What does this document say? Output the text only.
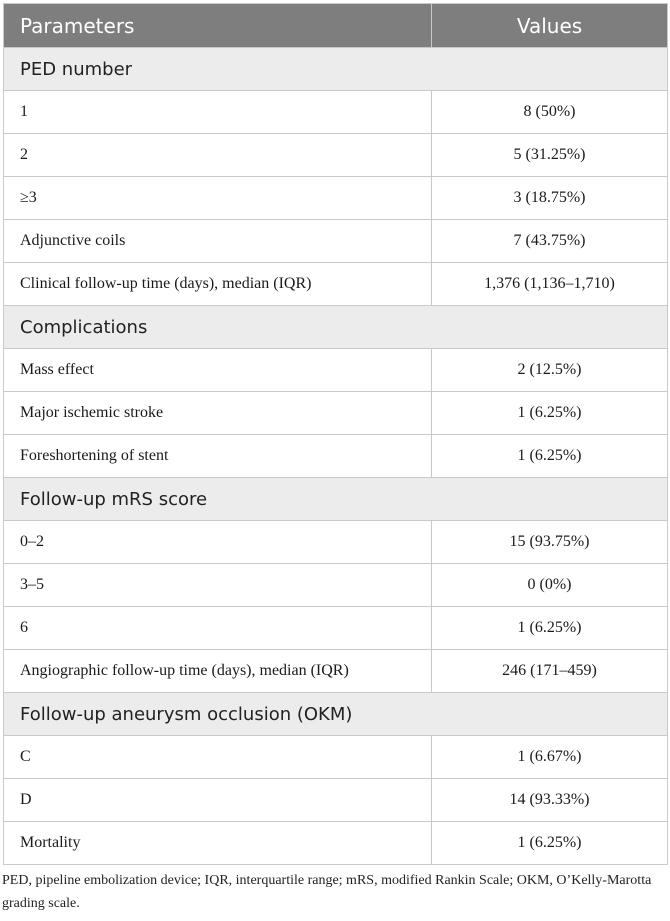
Parameters	Values
PED number	
1	8 (50%)
2	5 (31.25%)
≥3	3 (18.75%)
Adjunctive coils	7 (43.75%)
Clinical follow-up time (days), median (IQR)	1,376 (1,136–1,710)
Complications	
Mass effect	2 (12.5%)
Major ischemic stroke	1 (6.25%)
Foreshortening of stent	1 (6.25%)
Follow-up mRS score	
0–2	15 (93.75%)
3–5	0 (0%)
6	1 (6.25%)
Angiographic follow-up time (days), median (IQR)	246 (171–459)
Follow-up aneurysm occlusion (OKM)	
C	1 (6.67%)
D	14 (93.33%)
Mortality	1 (6.25%)
PED, pipeline embolization device; IQR, interquartile range; mRS, modified Rankin Scale; OKM, O’Kelly-Marotta grading scale.
